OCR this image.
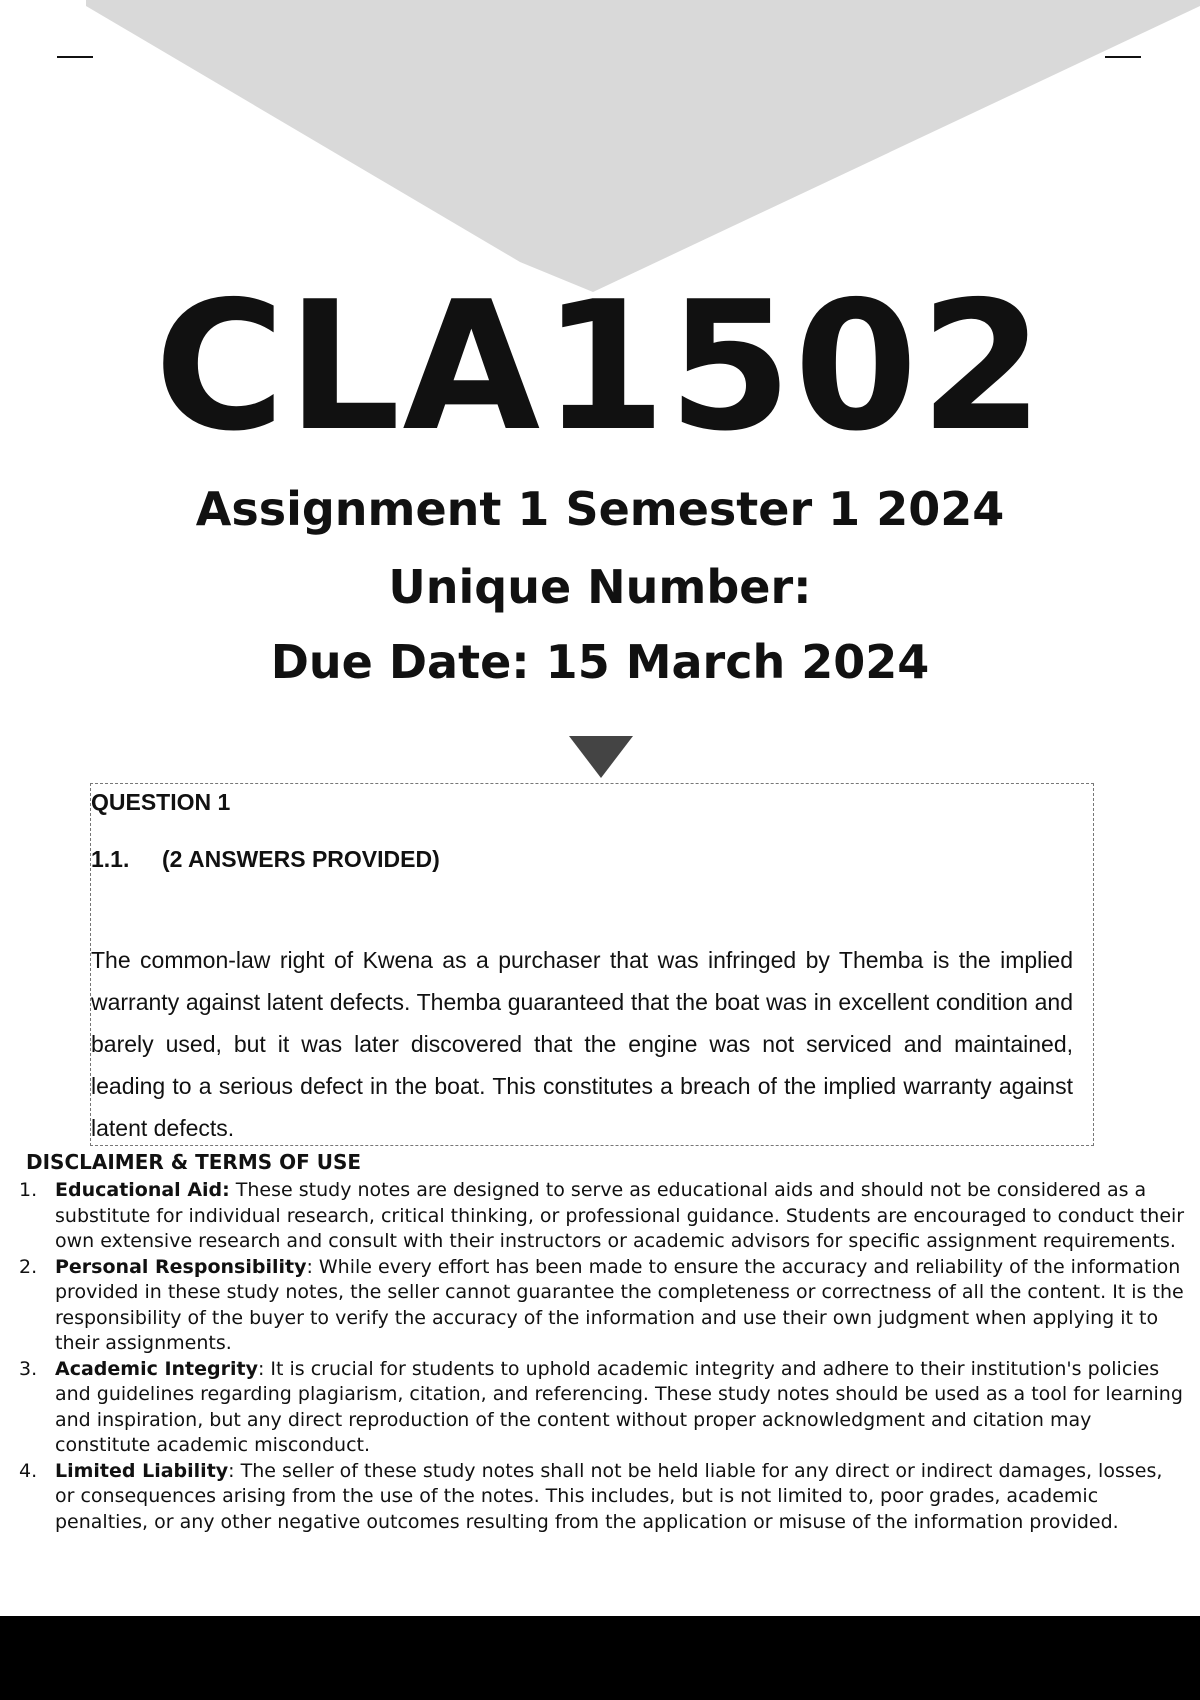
CLA1502
Assignment 1 Semester 1 2024
Unique Number:
Due Date: 15 March 2024
QUESTION 1
1.1. (2 ANSWERS PROVIDED)
The common-law right of Kwena as a purchaser that was infringed by Themba is the implied warranty against latent defects. Themba guaranteed that the boat was in excellent condition and barely used, but it was later discovered that the engine was not serviced and maintained, leading to a serious defect in the boat. This constitutes a breach of the implied warranty against latent defects.
DISCLAIMER & TERMS OF USE
1. Educational Aid: These study notes are designed to serve as educational aids and should not be considered as a substitute for individual research, critical thinking, or professional guidance. Students are encouraged to conduct their own extensive research and consult with their instructors or academic advisors for specific assignment requirements.
2. Personal Responsibility: While every effort has been made to ensure the accuracy and reliability of the information provided in these study notes, the seller cannot guarantee the completeness or correctness of all the content. It is the responsibility of the buyer to verify the accuracy of the information and use their own judgment when applying it to their assignments.
3. Academic Integrity: It is crucial for students to uphold academic integrity and adhere to their institution's policies and guidelines regarding plagiarism, citation, and referencing. These study notes should be used as a tool for learning and inspiration, but any direct reproduction of the content without proper acknowledgment and citation may constitute academic misconduct.
4. Limited Liability: The seller of these study notes shall not be held liable for any direct or indirect damages, losses, or consequences arising from the use of the notes. This includes, but is not limited to, poor grades, academic penalties, or any other negative outcomes resulting from the application or misuse of the information provided.
